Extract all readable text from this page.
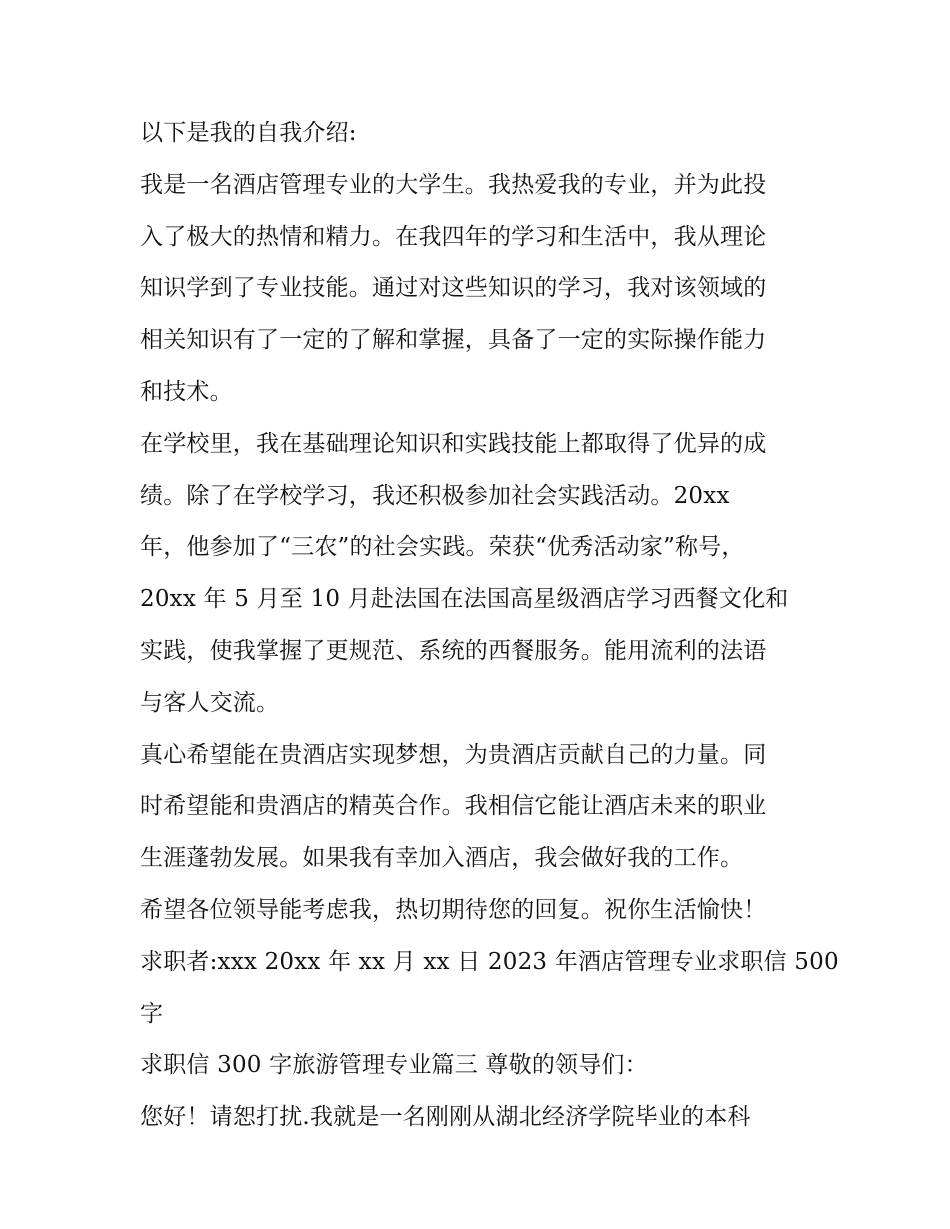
以下是我的自我介绍:
我是一名酒店管理专业的大学生。我热爱我的专业，并为此投
入了极大的热情和精力。在我四年的学习和生活中，我从理论
知识学到了专业技能。通过对这些知识的学习，我对该领域的
相关知识有了一定的了解和掌握，具备了一定的实际操作能力
和技术。
在学校里，我在基础理论知识和实践技能上都取得了优异的成
绩。除了在学校学习，我还积极参加社会实践活动。20xx
年，他参加了“三农”的社会实践。荣获“优秀活动家”称号，
20xx 年 5 月至 10 月赴法国在法国高星级酒店学习西餐文化和
实践，使我掌握了更规范、系统的西餐服务。能用流利的法语
与客人交流。
真心希望能在贵酒店实现梦想，为贵酒店贡献自己的力量。同
时希望能和贵酒店的精英合作。我相信它能让酒店未来的职业
生涯蓬勃发展。如果我有幸加入酒店，我会做好我的工作。
希望各位领导能考虑我，热切期待您的回复。祝你生活愉快！
求职者:xxx 20xx 年 xx 月 xx 日 2023 年酒店管理专业求职信 500
字
求职信 300 字旅游管理专业篇三 尊敬的领导们：
您好！请恕打扰.我就是一名刚刚从湖北经济学院毕业的本科
